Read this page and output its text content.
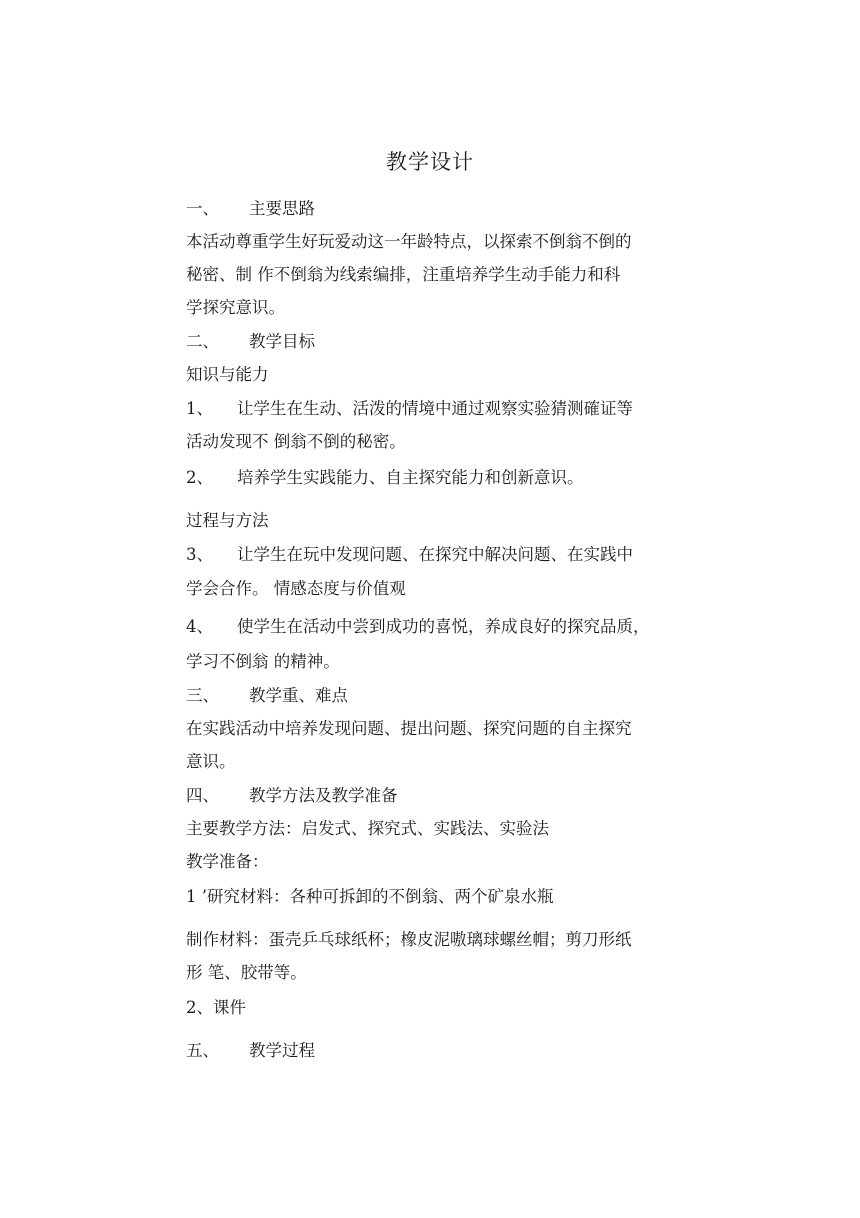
教学设计
一、 主要思路
本活动尊重学生好玩爱动这一年龄特点，以探索不倒翁不倒的
秘密、制 作不倒翁为线索编排，注重培养学生动手能力和科
学探究意识。
二、 教学目标
知识与能力
1、 让学生在生动、活泼的情境中通过观察实验猜测確证等
活动发现不 倒翁不倒的秘密。
2、 培养学生实践能力、自主探究能力和创新意识。
过程与方法
3、 让学生在玩中发现问题、在探究中解决问题、在实践中
学会合作。 情感态度与价值观
4、 使学生在活动中尝到成功的喜悦，养成良好的探究品质，
学习不倒翁 的精神。
三、 教学重、难点
在实践活动中培养发现问题、提出问题、探究问题的自主探究
意识。
四、 教学方法及教学准备
主要教学方法：启发式、探究式、实践法、实验法
教学准备：
1 ’研究材料：各种可拆卸的不倒翁、两个矿泉水瓶
制作材料：蛋壳乒乓球纸杯；橡皮泥嗷璃球螺丝帽；剪刀形纸
形 笔、胶带等。
2、课件
五、 教学过程
